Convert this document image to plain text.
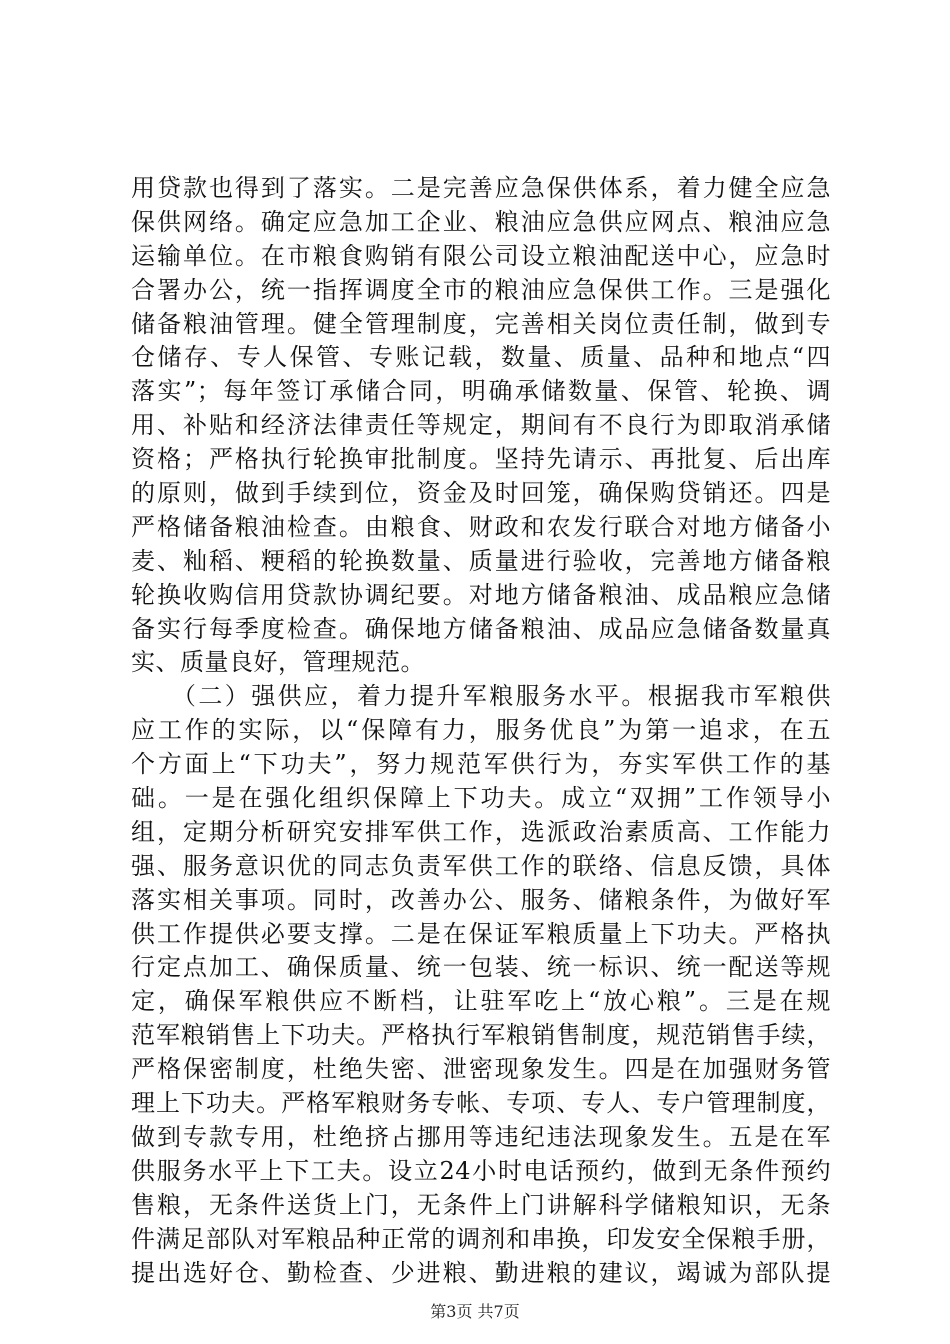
用贷款也得到了落实。二是完善应急保供体系，着力健全应急
保供网络。确定应急加工企业、粮油应急供应网点、粮油应急
运输单位。在市粮食购销有限公司设立粮油配送中心，应急时
合署办公，统一指挥调度全市的粮油应急保供工作。三是强化
储备粮油管理。健全管理制度，完善相关岗位责任制，做到专
仓储存、专人保管、专账记载，数量、质量、品种和地点“四
落实”；每年签订承储合同，明确承储数量、保管、轮换、调
用、补贴和经济法律责任等规定，期间有不良行为即取消承储
资格；严格执行轮换审批制度。坚持先请示、再批复、后出库
的原则，做到手续到位，资金及时回笼，确保购贷销还。四是
严格储备粮油检查。由粮食、财政和农发行联合对地方储备小
麦、籼稻、粳稻的轮换数量、质量进行验收，完善地方储备粮
轮换收购信用贷款协调纪要。对地方储备粮油、成品粮应急储
备实行每季度检查。确保地方储备粮油、成品应急储备数量真
实、质量良好，管理规范。
　　（二）强供应，着力提升军粮服务水平。根据我市军粮供
应工作的实际，以“保障有力，服务优良”为第一追求，在五
个方面上“下功夫”，努力规范军供行为，夯实军供工作的基
础。一是在强化组织保障上下功夫。成立“双拥”工作领导小
组，定期分析研究安排军供工作，选派政治素质高、工作能力
强、服务意识优的同志负责军供工作的联络、信息反馈，具体
落实相关事项。同时，改善办公、服务、储粮条件，为做好军
供工作提供必要支撑。二是在保证军粮质量上下功夫。严格执
行定点加工、确保质量、统一包装、统一标识、统一配送等规
定，确保军粮供应不断档，让驻军吃上“放心粮”。三是在规
范军粮销售上下功夫。严格执行军粮销售制度，规范销售手续，
严格保密制度，杜绝失密、泄密现象发生。四是在加强财务管
理上下功夫。严格军粮财务专帐、专项、专人、专户管理制度，
做到专款专用，杜绝挤占挪用等违纪违法现象发生。五是在军
供服务水平上下工夫。设立24小时电话预约，做到无条件预约
售粮，无条件送货上门，无条件上门讲解科学储粮知识，无条
件满足部队对军粮品种正常的调剂和串换，印发安全保粮手册，
提出选好仓、勤检查、少进粮、勤进粮的建议，竭诚为部队提
第3页 共7页
